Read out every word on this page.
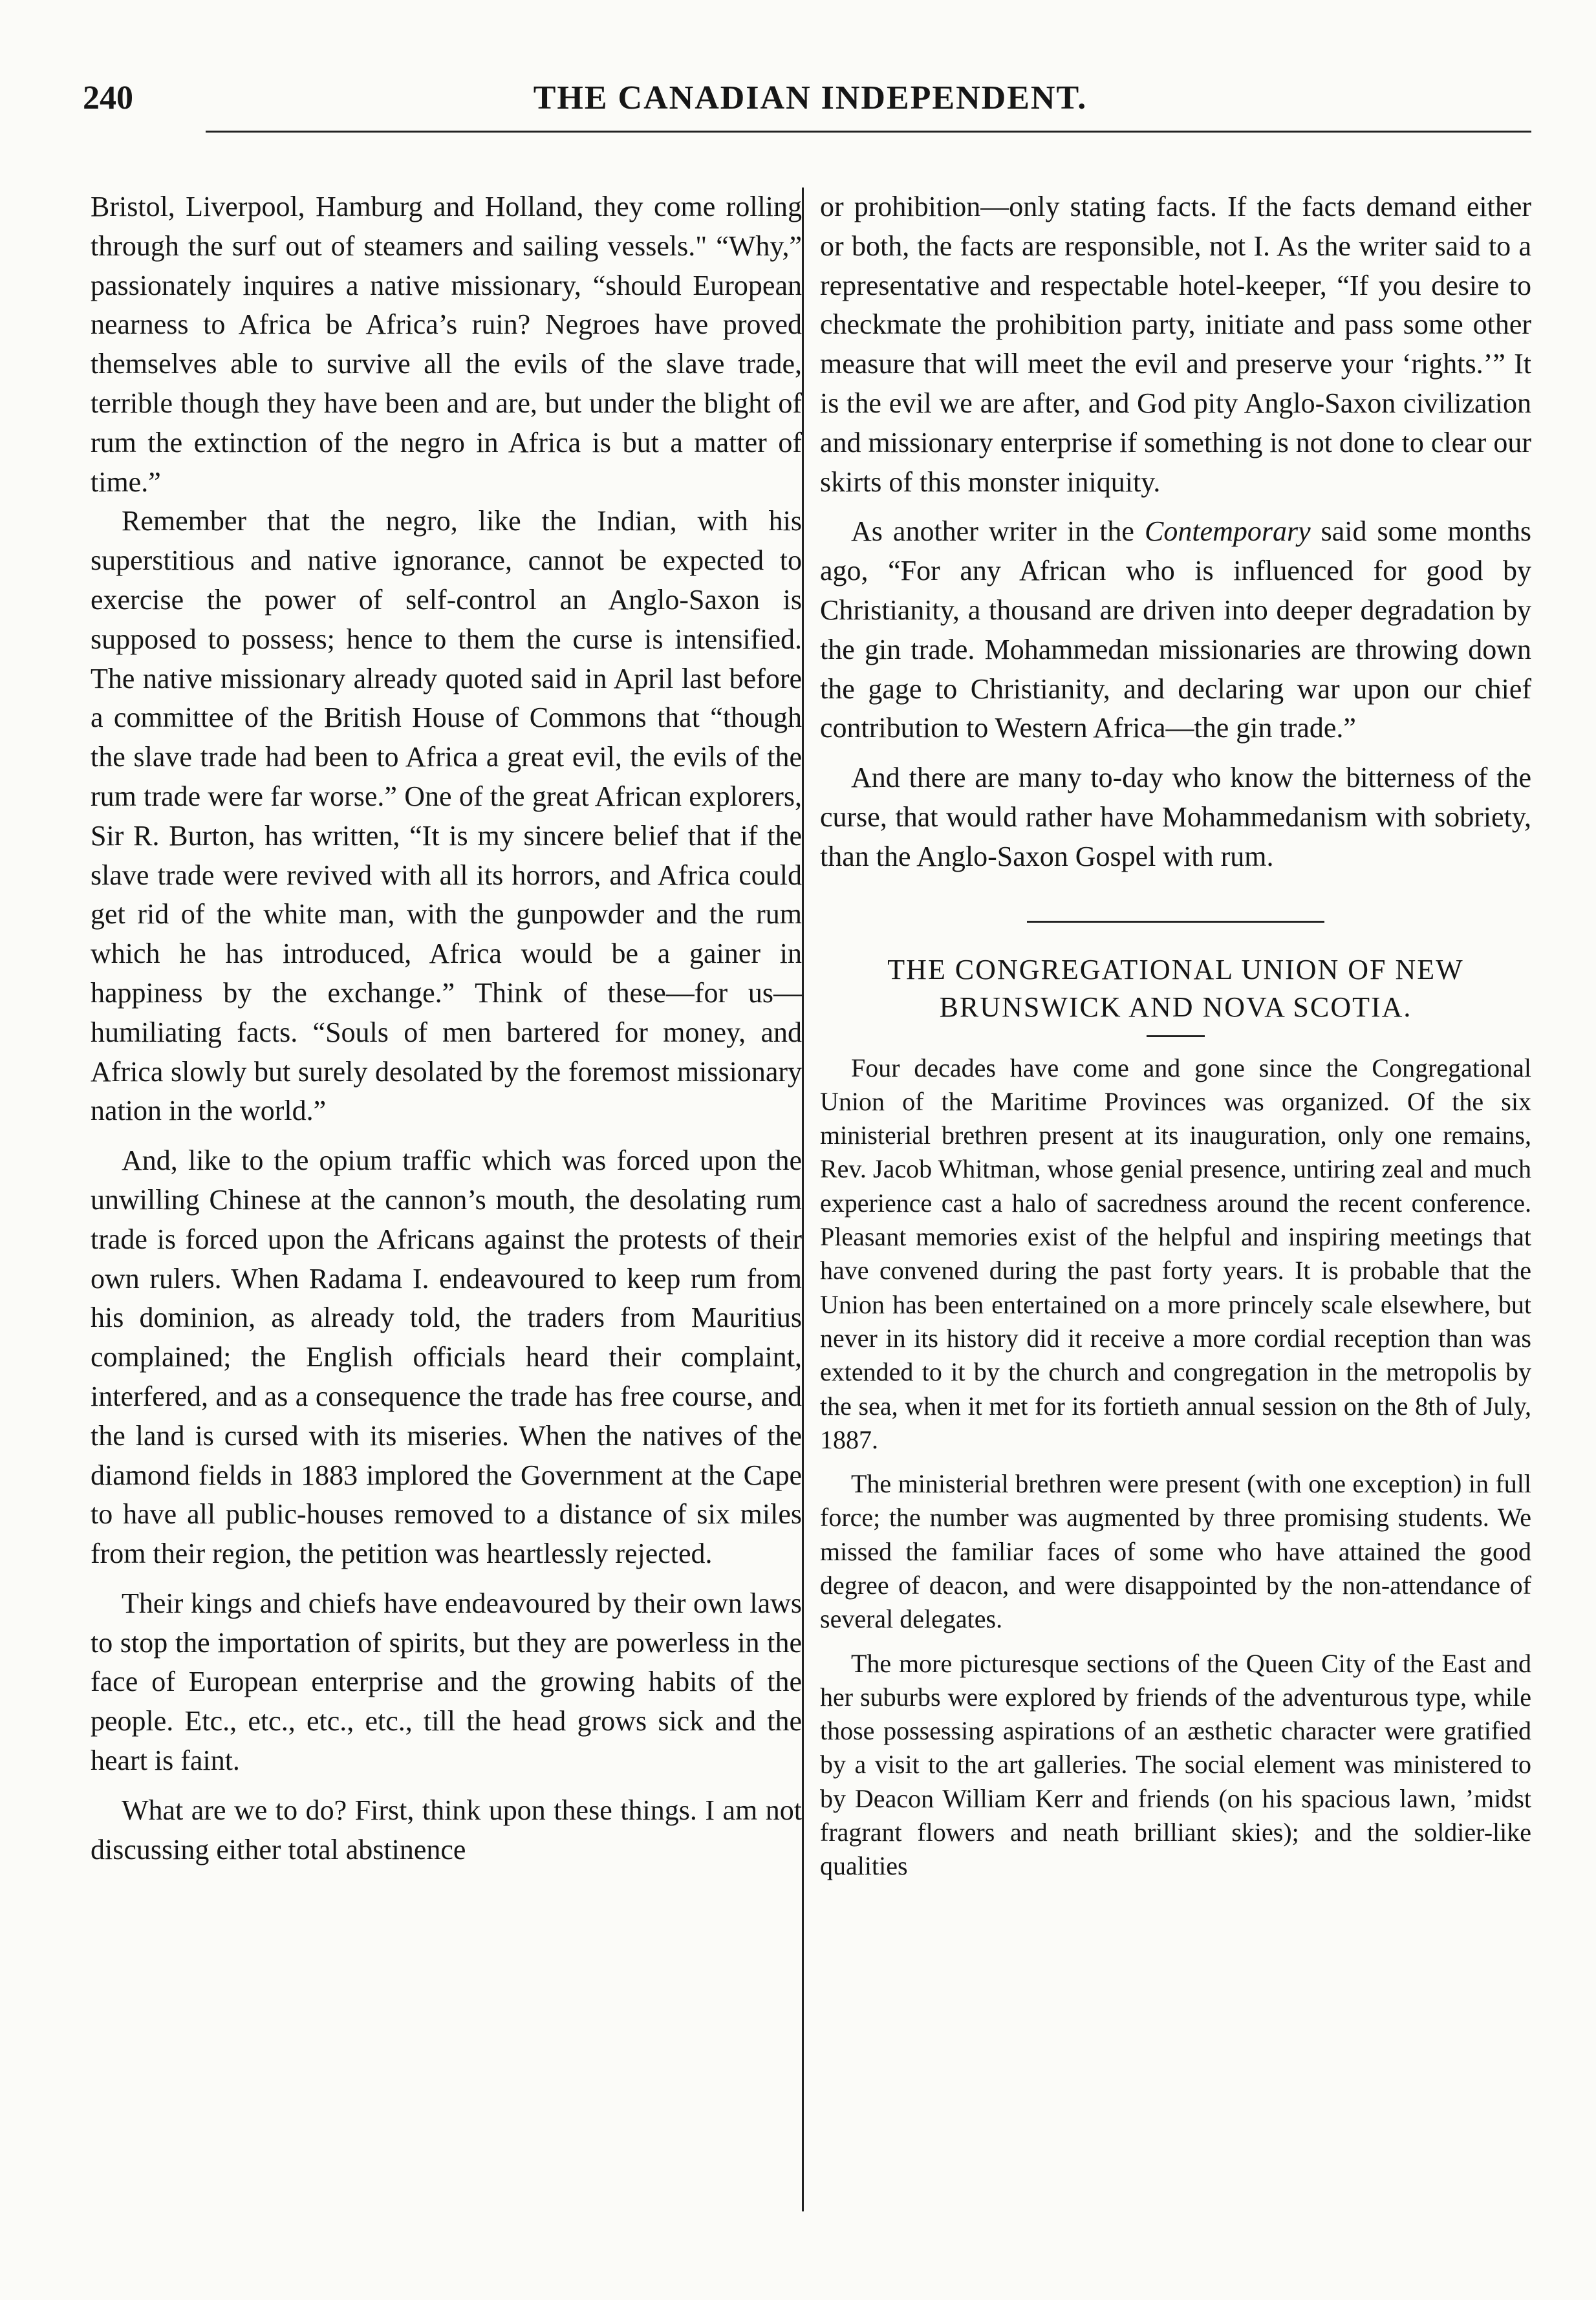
240	THE CANADIAN INDEPENDENT.

Bristol, Liverpool, Hamburg and Holland, they come rolling through the surf out of steamers and sailing vessels." “Why,” passionately inquires a native missionary, “should European nearness to Africa be Africa’s ruin? Negroes have proved themselves able to survive all the evils of the slave trade, terrible though they have been and are, but under the blight of rum the extinction of the negro in Africa is but a matter of time.”

Remember that the negro, like the Indian, with his superstitious and native ignorance, cannot be expected to exercise the power of self-control an Anglo-Saxon is supposed to possess; hence to them the curse is intensified. The native missionary already quoted said in April last before a committee of the British House of Commons that “though the slave trade had been to Africa a great evil, the evils of the rum trade were far worse.” One of the great African explorers, Sir R. Burton, has written, “It is my sincere belief that if the slave trade were revived with all its horrors, and Africa could get rid of the white man, with the gunpowder and the rum which he has introduced, Africa would be a gainer in happiness by the exchange.” Think of these—for us—humiliating facts. “Souls of men bartered for money, and Africa slowly but surely desolated by the foremost missionary nation in the world.”

And, like to the opium traffic which was forced upon the unwilling Chinese at the cannon’s mouth, the desolating rum trade is forced upon the Africans against the protests of their own rulers. When Radama I. endeavoured to keep rum from his dominion, as already told, the traders from Mauritius complained; the English officials heard their complaint, interfered, and as a consequence the trade has free course, and the land is cursed with its miseries. When the natives of the diamond fields in 1883 implored the Government at the Cape to have all public-houses removed to a distance of six miles from their region, the petition was heartlessly rejected.

Their kings and chiefs have endeavoured by their own laws to stop the importation of spirits, but they are powerless in the face of European enterprise and the growing habits of the people. Etc., etc., etc., etc., till the head grows sick and the heart is faint.

What are we to do? First, think upon these things. I am not discussing either total abstinence

or prohibition—only stating facts. If the facts demand either or both, the facts are responsible, not I. As the writer said to a representative and respectable hotel-keeper, “If you desire to checkmate the prohibition party, initiate and pass some other measure that will meet the evil and preserve your ‘rights.’” It is the evil we are after, and God pity Anglo-Saxon civilization and missionary enterprise if something is not done to clear our skirts of this monster iniquity.

As another writer in the Contemporary said some months ago, “For any African who is influenced for good by Christianity, a thousand are driven into deeper degradation by the gin trade. Mohammedan missionaries are throwing down the gage to Christianity, and declaring war upon our chief contribution to Western Africa—the gin trade.”

And there are many to-day who know the bitterness of the curse, that would rather have Mohammedanism with sobriety, than the Anglo-Saxon Gospel with rum.

THE CONGREGATIONAL UNION OF NEW

BRUNSWICK AND NOVA SCOTIA.

Four decades have come and gone since the Congregational Union of the Maritime Provinces was organized. Of the six ministerial brethren present at its inauguration, only one remains, Rev. Jacob Whitman, whose genial presence, untiring zeal and much experience cast a halo of sacredness around the recent conference. Pleasant memories exist of the helpful and inspiring meetings that have convened during the past forty years. It is probable that the Union has been entertained on a more princely scale elsewhere, but never in its history did it receive a more cordial reception than was extended to it by the church and congregation in the metropolis by the sea, when it met for its fortieth annual session on the 8th of July, 1887.

The ministerial brethren were present (with one exception) in full force; the number was augmented by three promising students. We missed the familiar faces of some who have attained the good degree of deacon, and were disappointed by the non-attendance of several delegates.

The more picturesque sections of the Queen City of the East and her suburbs were explored by friends of the adventurous type, while those possessing aspirations of an æsthetic character were gratified by a visit to the art galleries. The social element was ministered to by Deacon William Kerr and friends (on his spacious lawn, ’midst fragrant flowers and neath brilliant skies); and the soldier-like qualities
